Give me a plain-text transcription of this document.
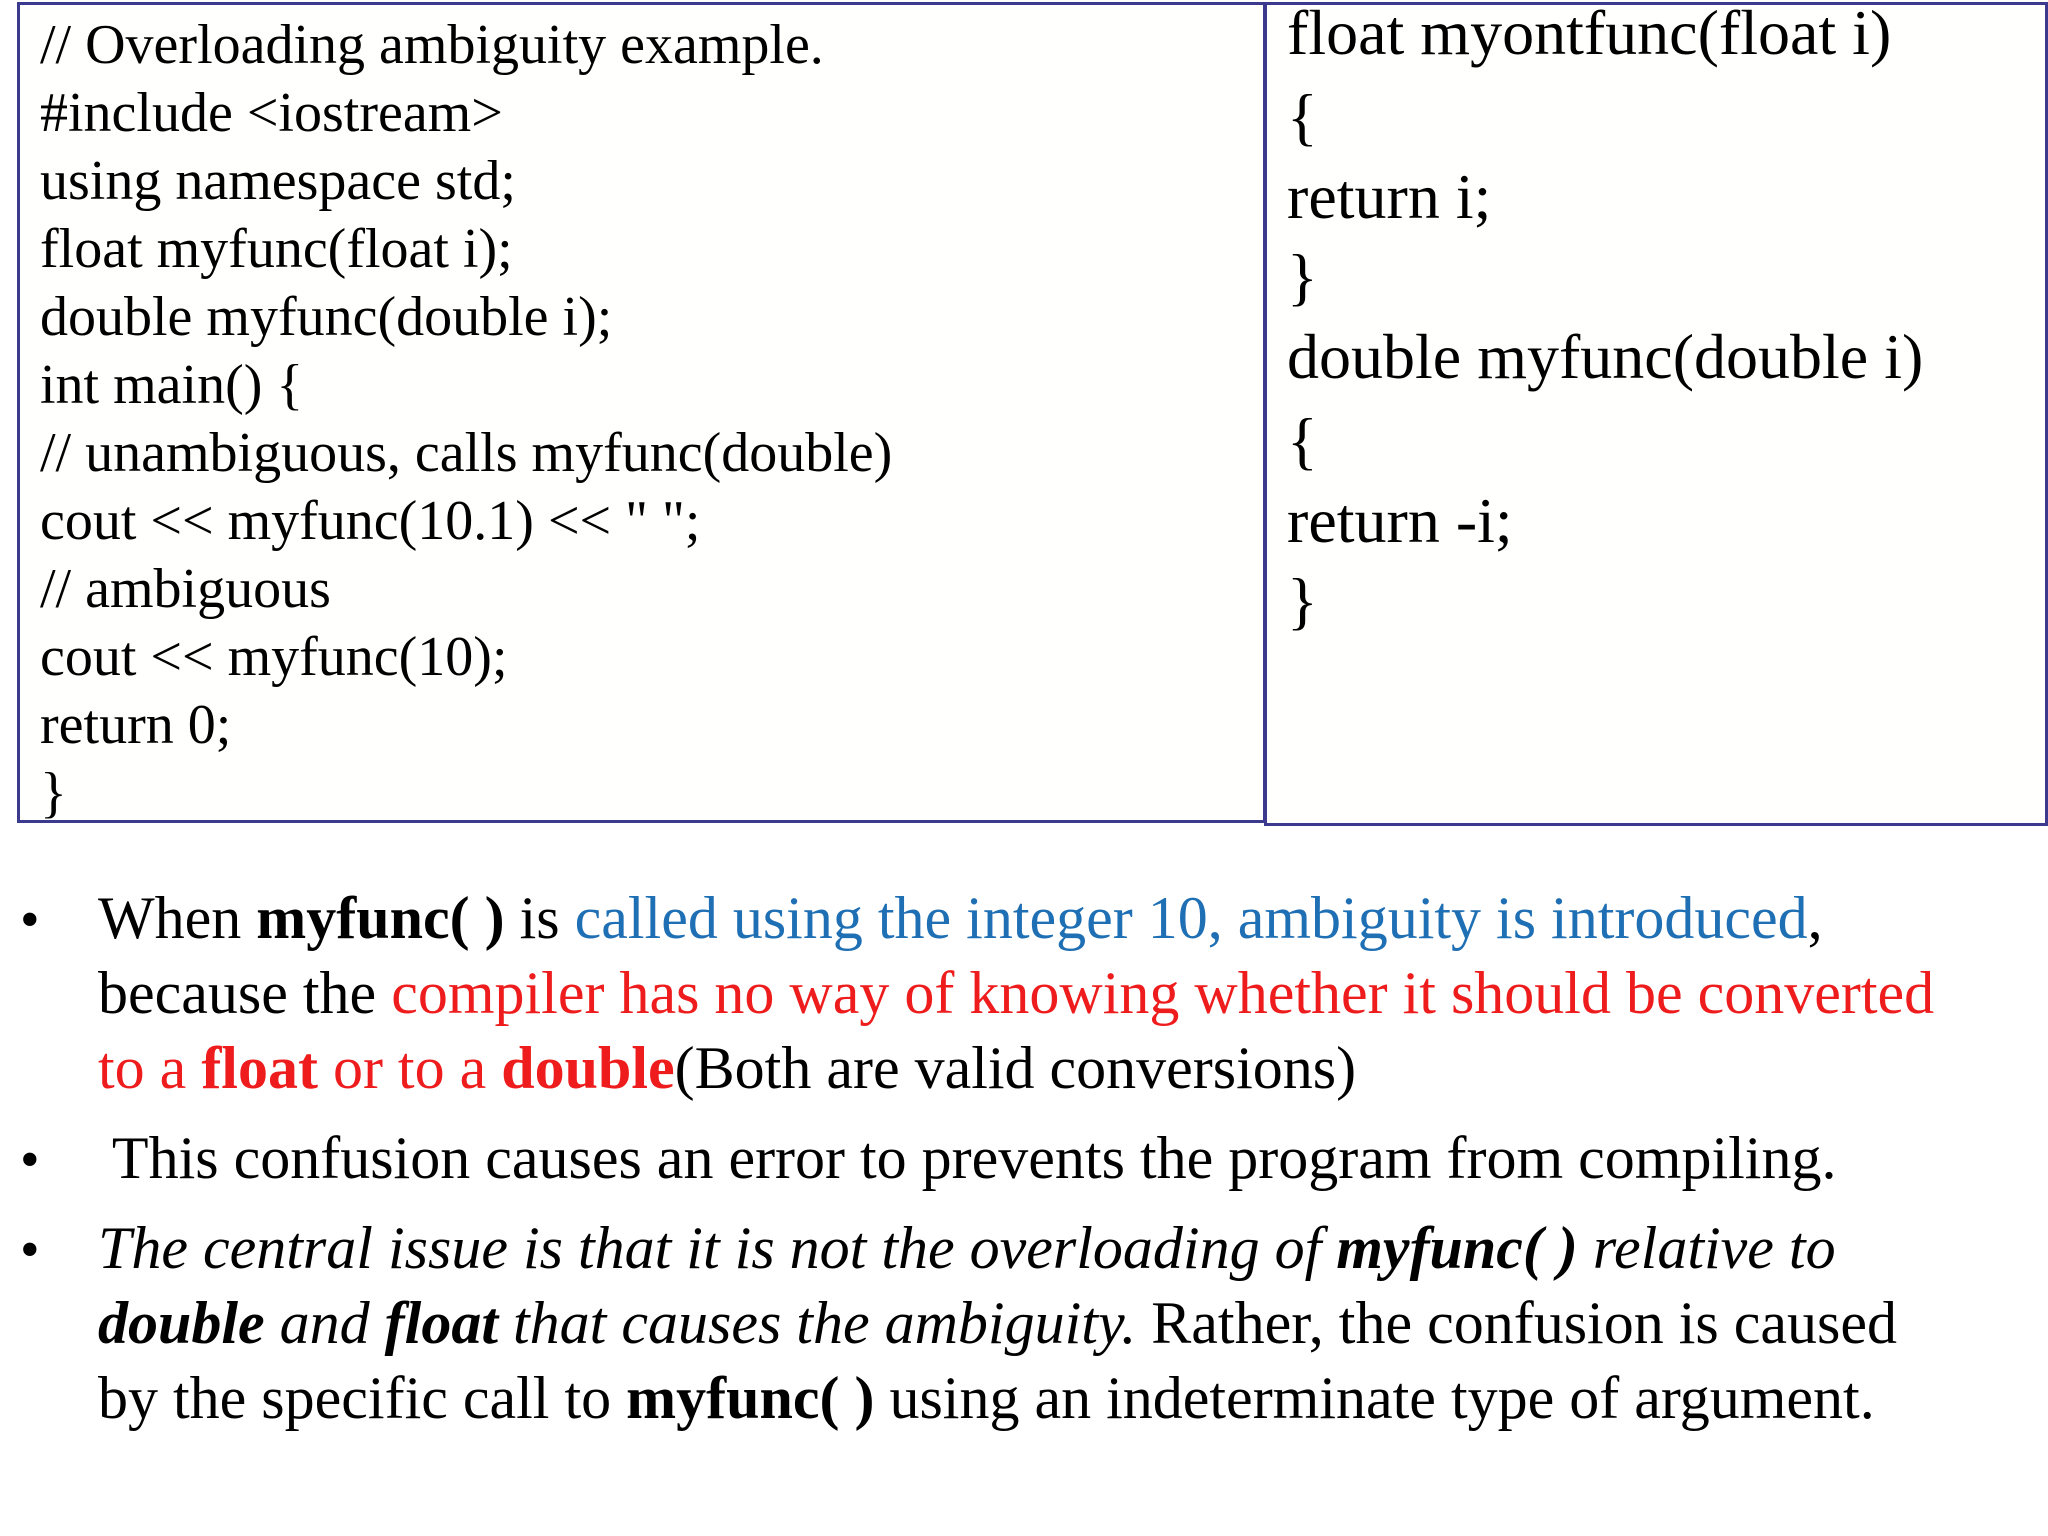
// Overloading ambiguity example.
#include <iostream>
using namespace std;
float myfunc(float i);
double myfunc(double i);
int main() {
// unambiguous, calls myfunc(double)
cout << myfunc(10.1) << " ";
// ambiguous
cout << myfunc(10);
return 0;
}
float myontfunc(float i)
{
return i;
}
double myfunc(double i)
{
return -i;
}
• When myfunc( ) is called using the integer 10, ambiguity is introduced,
because the compiler has no way of knowing whether it should be converted
to a float or to a double(Both are valid conversions)
• This confusion causes an error to prevents the program from compiling.
• The central issue is that it is not the overloading of myfunc( ) relative to
double and float that causes the ambiguity. Rather, the confusion is caused
by the specific call to myfunc( ) using an indeterminate type of argument.
